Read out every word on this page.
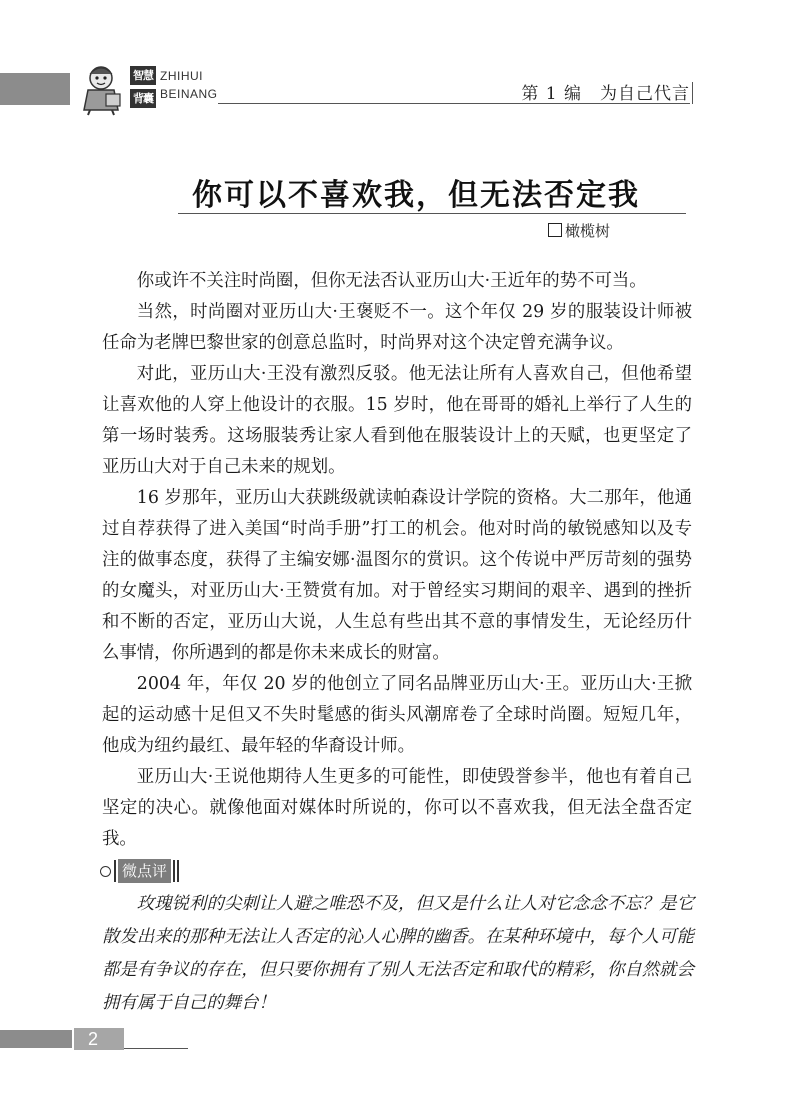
智慧
背囊
ZHIHUI
BEINANG	第 1 编　为自己代言
你可以不喜欢我，但无法否定我
橄榄树

你或许不关注时尚圈，但你无法否认亚历山大·王近年的势不可当。

当然，时尚圈对亚历山大·王褒贬不一。这个年仅 29 岁的服装设计师被任命为老牌巴黎世家的创意总监时，时尚界对这个决定曾充满争议。

对此，亚历山大·王没有激烈反驳。他无法让所有人喜欢自己，但他希望让喜欢他的人穿上他设计的衣服。15 岁时，他在哥哥的婚礼上举行了人生的第一场时装秀。这场服装秀让家人看到他在服装设计上的天赋，也更坚定了亚历山大对于自己未来的规划。

16 岁那年，亚历山大获跳级就读帕森设计学院的资格。大二那年，他通过自荐获得了进入美国“时尚手册”打工的机会。他对时尚的敏锐感知以及专注的做事态度，获得了主编安娜·温图尔的赏识。这个传说中严厉苛刻的强势的女魔头，对亚历山大·王赞赏有加。对于曾经实习期间的艰辛、遇到的挫折和不断的否定，亚历山大说，人生总有些出其不意的事情发生，无论经历什么事情，你所遇到的都是你未来成长的财富。

2004 年，年仅 20 岁的他创立了同名品牌亚历山大·王。亚历山大·王掀起的运动感十足但又不失时髦感的街头风潮席卷了全球时尚圈。短短几年，他成为纽约最红、最年轻的华裔设计师。

亚历山大·王说他期待人生更多的可能性，即使毁誉参半，他也有着自己坚定的决心。就像他面对媒体时所说的，你可以不喜欢我，但无法全盘否定我。

微点评

玫瑰锐利的尖刺让人避之唯恐不及，但又是什么让人对它念念不忘？是它散发出来的那种无法让人否定的沁人心脾的幽香。在某种环境中，每个人可能都是有争议的存在，但只要你拥有了别人无法否定和取代的精彩，你自然就会拥有属于自己的舞台！

2
